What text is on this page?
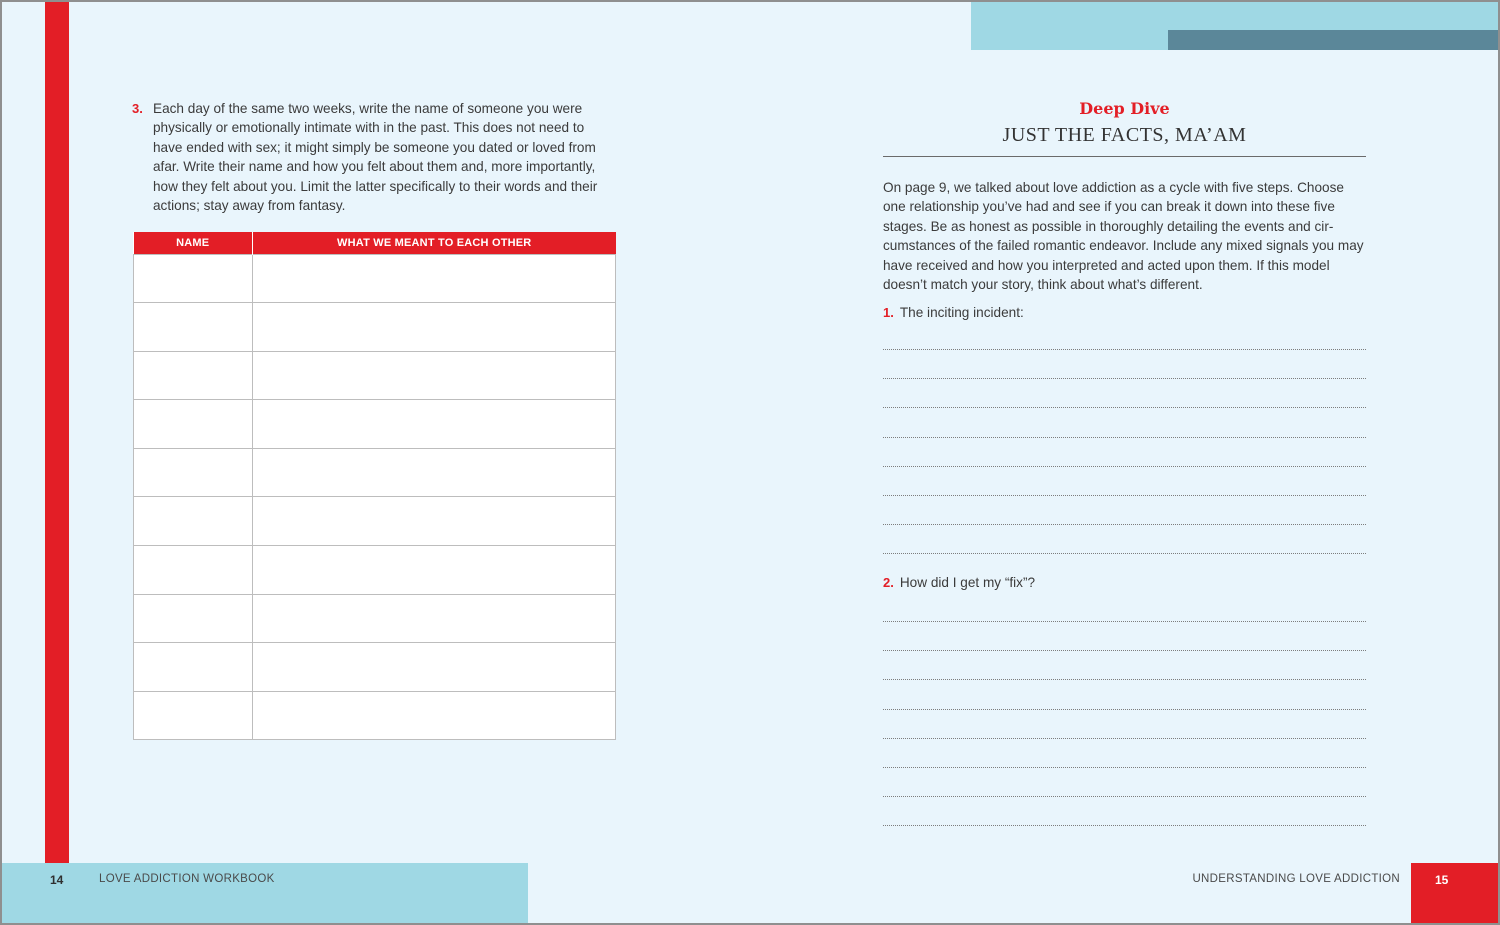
3. Each day of the same two weeks, write the name of someone you were physically or emotionally intimate with in the past. This does not need to have ended with sex; it might simply be someone you dated or loved from afar. Write their name and how you felt about them and, more importantly, how they felt about you. Limit the latter specifically to their words and their actions; stay away from fantasy.
NAME	WHAT WE MEANT TO EACH OTHER

14	LOVE ADDICTION WORKBOOK
Deep Dive
JUST THE FACTS, MA’AM
On page 9, we talked about love addiction as a cycle with five steps. Choose one relationship you’ve had and see if you can break it down into these five stages. Be as honest as possible in thoroughly detailing the events and circumstances of the failed romantic endeavor. Include any mixed signals you may have received and how you interpreted and acted upon them. If this model doesn’t match your story, think about what’s different.
1. The inciting incident:
2. How did I get my “fix”?
UNDERSTANDING LOVE ADDICTION	15
